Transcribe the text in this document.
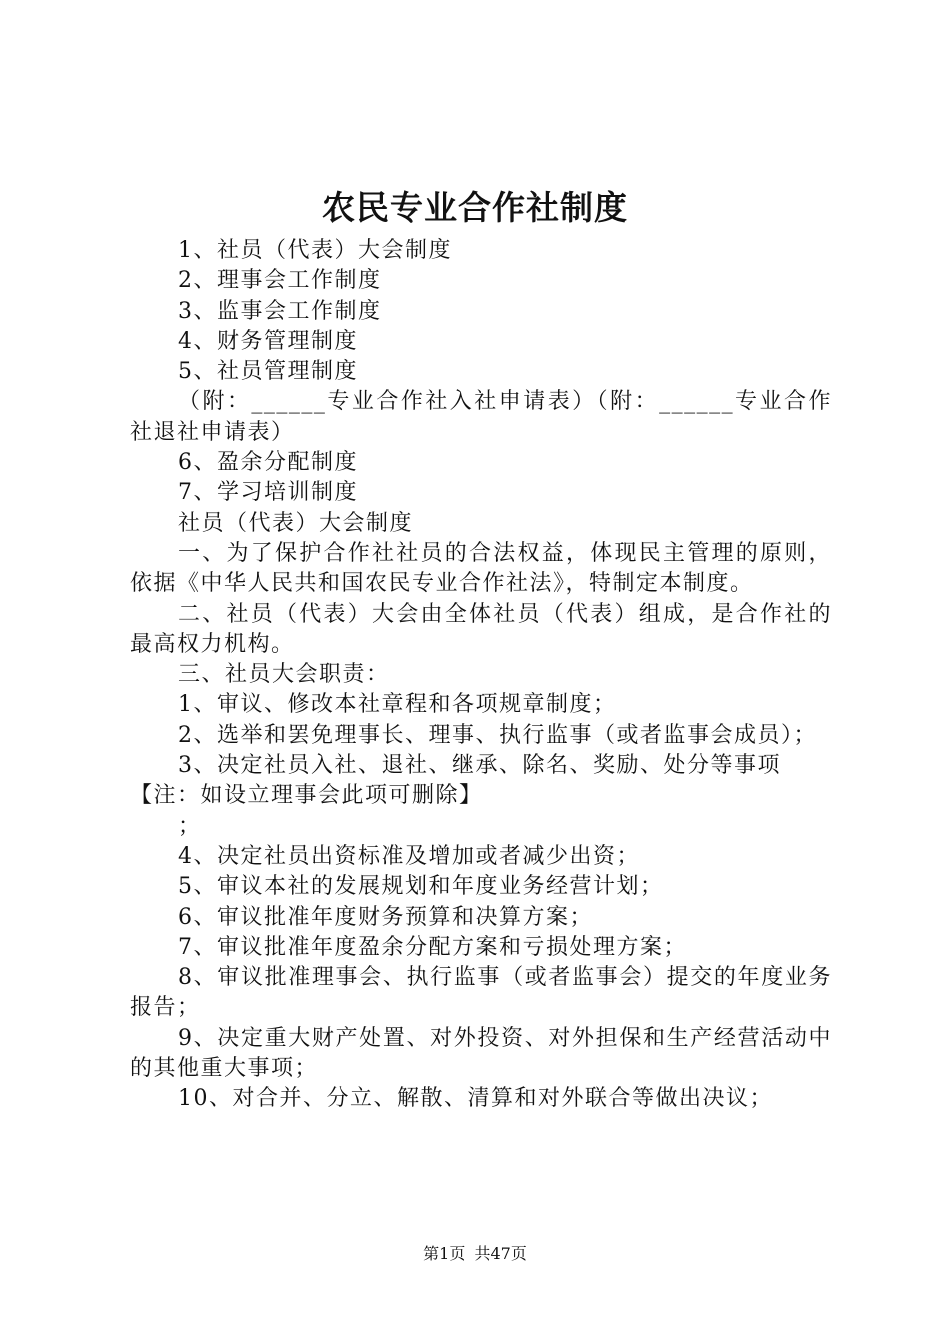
农民专业合作社制度

1、社员（代表）大会制度

2、理事会工作制度

3、监事会工作制度

4、财务管理制度

5、社员管理制度

（附：______专业合作社入社申请表）（附：______专业合作社退社申请表）

6、盈余分配制度

7、学习培训制度

社员（代表）大会制度

一、为了保护合作社社员的合法权益，体现民主管理的原则，依据《中华人民共和国农民专业合作社法》，特制定本制度。

二、社员（代表）大会由全体社员（代表）组成，是合作社的最高权力机构。

三、社员大会职责：

1、审议、修改本社章程和各项规章制度；

2、选举和罢免理事长、理事、执行监事（或者监事会成员）；

3、决定社员入社、退社、继承、除名、奖励、处分等事项

【注：如设立理事会此项可删除】

；

4、决定社员出资标准及增加或者减少出资；

5、审议本社的发展规划和年度业务经营计划；

6、审议批准年度财务预算和决算方案；

7、审议批准年度盈余分配方案和亏损处理方案；

8、审议批准理事会、执行监事（或者监事会）提交的年度业务报告；

9、决定重大财产处置、对外投资、对外担保和生产经营活动中的其他重大事项；

10、对合并、分立、解散、清算和对外联合等做出决议；

第1页 共47页
